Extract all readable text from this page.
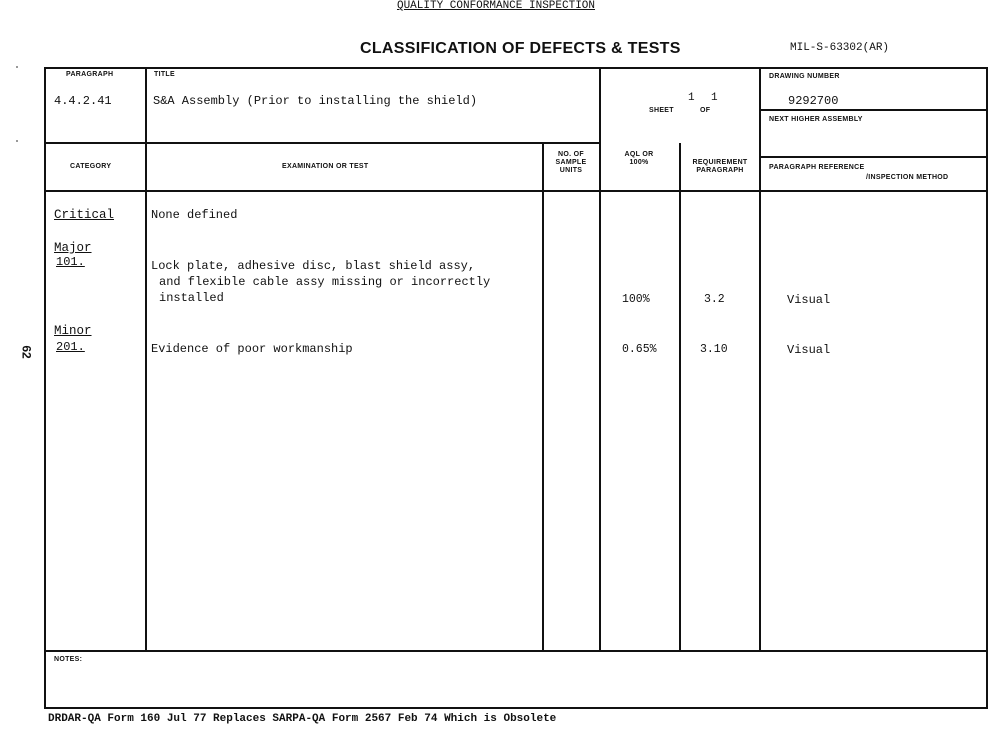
QUALITY CONFORMANCE INSPECTION
CLASSIFICATION OF DEFECTS & TESTS	MIL-S-63302(AR)
62
PARAGRAPH	TITLE
SHEET	OF
DRAWING NUMBER
NEXT HIGHER ASSEMBLY
4.4.2.41	S&A Assembly (Prior to installing the shield)	1 1	9292700
CATEGORY	EXAMINATION OR TEST
NO. OF SAMPLE UNITS
AQL OR 100%	REQUIREMENT PARAGRAPH	PARAGRAPH REFERENCE
/INSPECTION METHOD
Critical	None defined
Major
101.	Lock plate, adhesive disc, blast shield assy,
and flexible cable assy missing or incorrectly
installed	100%	3.2	Visual
Minor
201.	Evidence of poor workmanship	0.65%	3.10	Visual
NOTES:
DRDAR-QA Form 160 Jul 77 Replaces SARPA-QA Form 2567 Feb 74 Which is Obsolete
